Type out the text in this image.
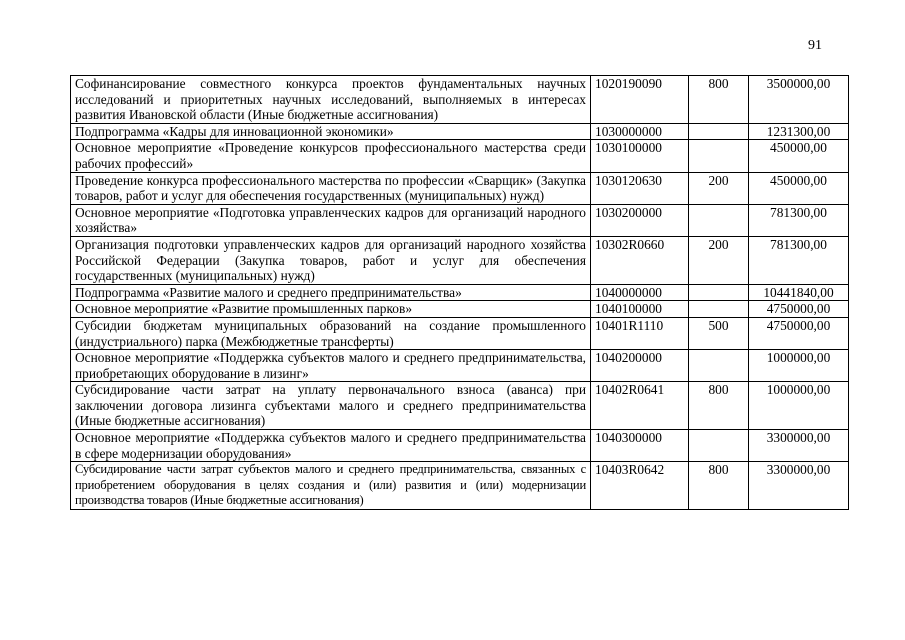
91
Софинансирование совместного конкурса проектов фундаментальных научных исследований и приоритетных научных исследований, выполняемых в интересах развития Ивановской области (Иные бюджетные ассигнования)	1020190090	800	3500000,00
Подпрограмма «Кадры для инновационной экономики»	1030000000		1231300,00
Основное мероприятие «Проведение конкурсов профессионального мастерства среди рабочих профессий»	1030100000		450000,00
Проведение конкурса профессионального мастерства по профессии «Сварщик» (Закупка товаров, работ и услуг для обеспечения государственных (муниципальных) нужд)	1030120630	200	450000,00
Основное мероприятие «Подготовка управленческих кадров для организаций народного хозяйства»	1030200000		781300,00
Организация подготовки управленческих кадров для организаций народного хозяйства Российской Федерации (Закупка товаров, работ и услуг для обеспечения государственных (муниципальных) нужд)	10302R0660	200	781300,00
Подпрограмма «Развитие малого и среднего предпринимательства»	1040000000		10441840,00
Основное мероприятие «Развитие промышленных парков»	1040100000		4750000,00
Субсидии бюджетам муниципальных образований на создание промышленного (индустриального) парка (Межбюджетные трансферты)	10401R1110	500	4750000,00
Основное мероприятие «Поддержка субъектов малого и среднего предпринимательства, приобретающих оборудование в лизинг»	1040200000		1000000,00
Субсидирование части затрат на уплату первоначального взноса (аванса) при заключении договора лизинга субъектами малого и среднего предпринимательства (Иные бюджетные ассигнования)	10402R0641	800	1000000,00
Основное мероприятие «Поддержка субъектов малого и среднего предпринимательства в сфере модернизации оборудования»	1040300000		3300000,00
Субсидирование части затрат субъектов малого и среднего предпринимательства, связанных с приобретением оборудования в целях создания и (или) развития и (или) модернизации производства товаров (Иные бюджетные ассигнования)	10403R0642	800	3300000,00
